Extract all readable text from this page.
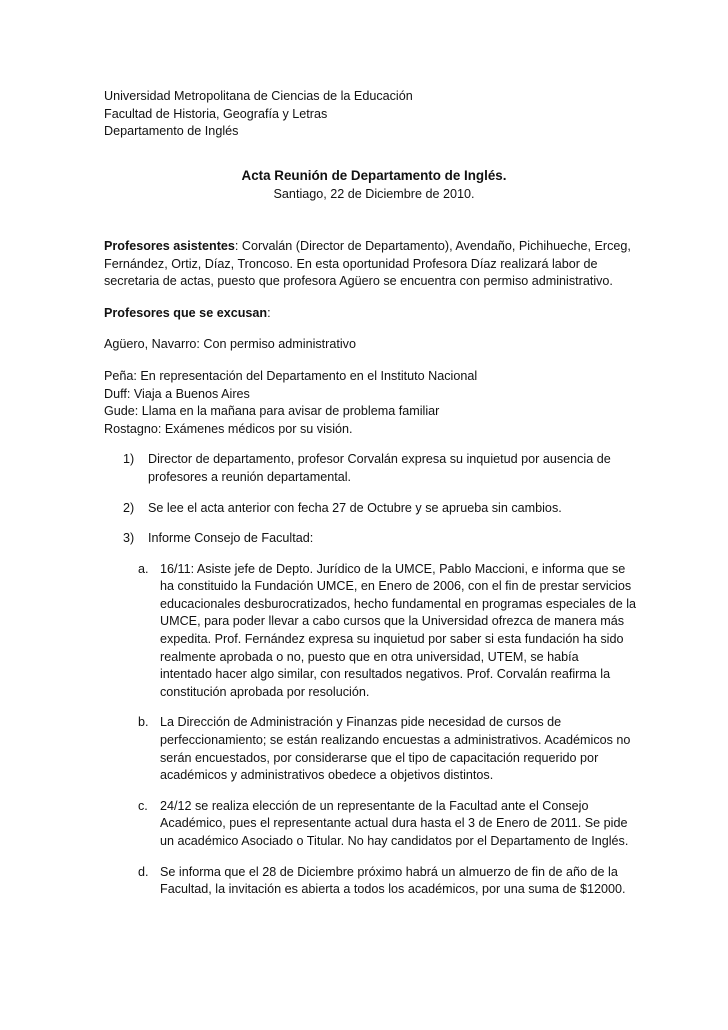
Universidad Metropolitana de Ciencias de la Educación
Facultad de Historia, Geografía y Letras
Departamento de Inglés
Acta Reunión de Departamento de Inglés.
Santiago, 22 de Diciembre de 2010.
Profesores asistentes: Corvalán (Director de Departamento), Avendaño, Pichihueche, Erceg,
Fernández, Ortiz, Díaz, Troncoso. En esta oportunidad Profesora Díaz realizará labor de
secretaria de actas, puesto que profesora Agüero se encuentra con permiso administrativo.
Profesores que se excusan:
Agüero, Navarro: Con permiso administrativo
Peña: En representación del Departamento en el Instituto Nacional
Duff: Viaja a Buenos Aires
Gude: Llama en la mañana para avisar de problema familiar
Rostagno: Exámenes médicos por su visión.
1) Director de departamento, profesor Corvalán expresa su inquietud por ausencia de
profesores a reunión departamental.
2) Se lee el acta anterior con fecha 27 de Octubre y se aprueba sin cambios.
3) Informe Consejo de Facultad:
a. 16/11: Asiste jefe de Depto. Jurídico de la UMCE, Pablo Maccioni, e informa que se
ha constituido la Fundación UMCE, en Enero de 2006, con el fin de prestar servicios
educacionales desburocratizados, hecho fundamental en programas especiales de la
UMCE, para poder llevar a cabo cursos que la Universidad ofrezca de manera más
expedita. Prof. Fernández expresa su inquietud por saber si esta fundación ha sido
realmente aprobada o no, puesto que en otra universidad, UTEM, se había
intentado hacer algo similar, con resultados negativos. Prof. Corvalán reafirma la
constitución aprobada por resolución.
b. La Dirección de Administración y Finanzas pide necesidad de cursos de
perfeccionamiento; se están realizando encuestas a administrativos. Académicos no
serán encuestados, por considerarse que el tipo de capacitación requerido por
académicos y administrativos obedece a objetivos distintos.
c. 24/12 se realiza elección de un representante de la Facultad ante el Consejo
Académico, pues el representante actual dura hasta el 3 de Enero de 2011. Se pide
un académico Asociado o Titular. No hay candidatos por el Departamento de Inglés.
d. Se informa que el 28 de Diciembre próximo habrá un almuerzo de fin de año de la
Facultad, la invitación es abierta a todos los académicos, por una suma de $12000.
